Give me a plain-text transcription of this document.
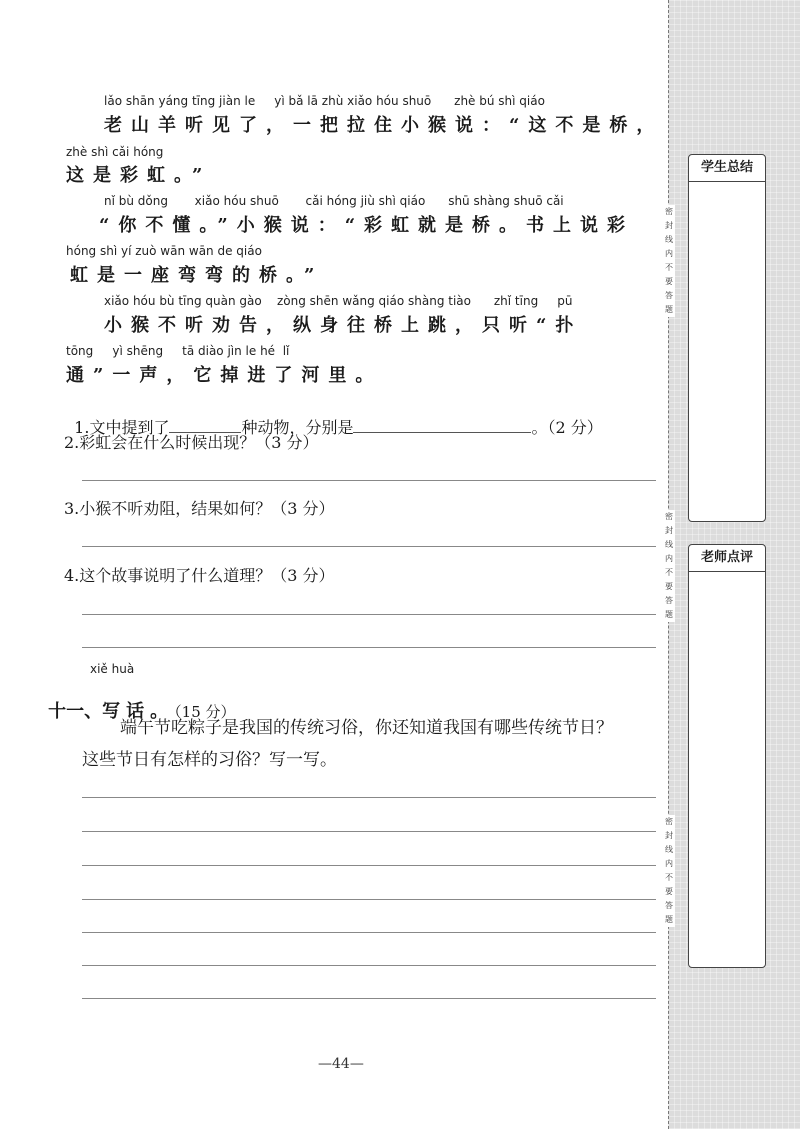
lǎo shān yáng tīng jiàn le     yì bǎ lā zhù xiǎo hóu shuō      zhè bú shì qiáo
老山羊听见了，一把拉住小猴说：“这不是桥，
zhè shì cǎi hóng
这是彩虹。”
nǐ bù dǒng       xiǎo hóu shuō       cǎi hóng jiù shì qiáo      shū shàng shuō cǎi
“你不懂。”小猴说：“彩虹就是桥。书上说彩
hóng shì yí zuò wān wān de qiáo
虹是一座弯弯的桥。”
xiǎo hóu bù tīng quàn gào    zòng shēn wǎng qiáo shàng tiào      zhǐ tīng     pū
小猴不听劝告，纵身往桥上跳，只听“扑
tōng     yì shēng     tā diào jìn le hé  lǐ
通”一声，它掉进了河里。

1.文中提到了	种动物，分别是	。（2 分）

2.彩虹会在什么时候出现？（3 分）
3.小猴不听劝阻，结果如何？（3 分）
4.这个故事说明了什么道理？（3 分）
xiě huà

十一、写话。（15 分）

端午节吃粽子是我国的传统习俗，你还知道我国有哪些传统节日？
这些节日有怎样的习俗？写一写。
—44—
学生总结
老师点评
密
封
线
内
不
要
答
题
密
封
线
内
不
要
答
题
密
封
线
内
不
要
答
题
